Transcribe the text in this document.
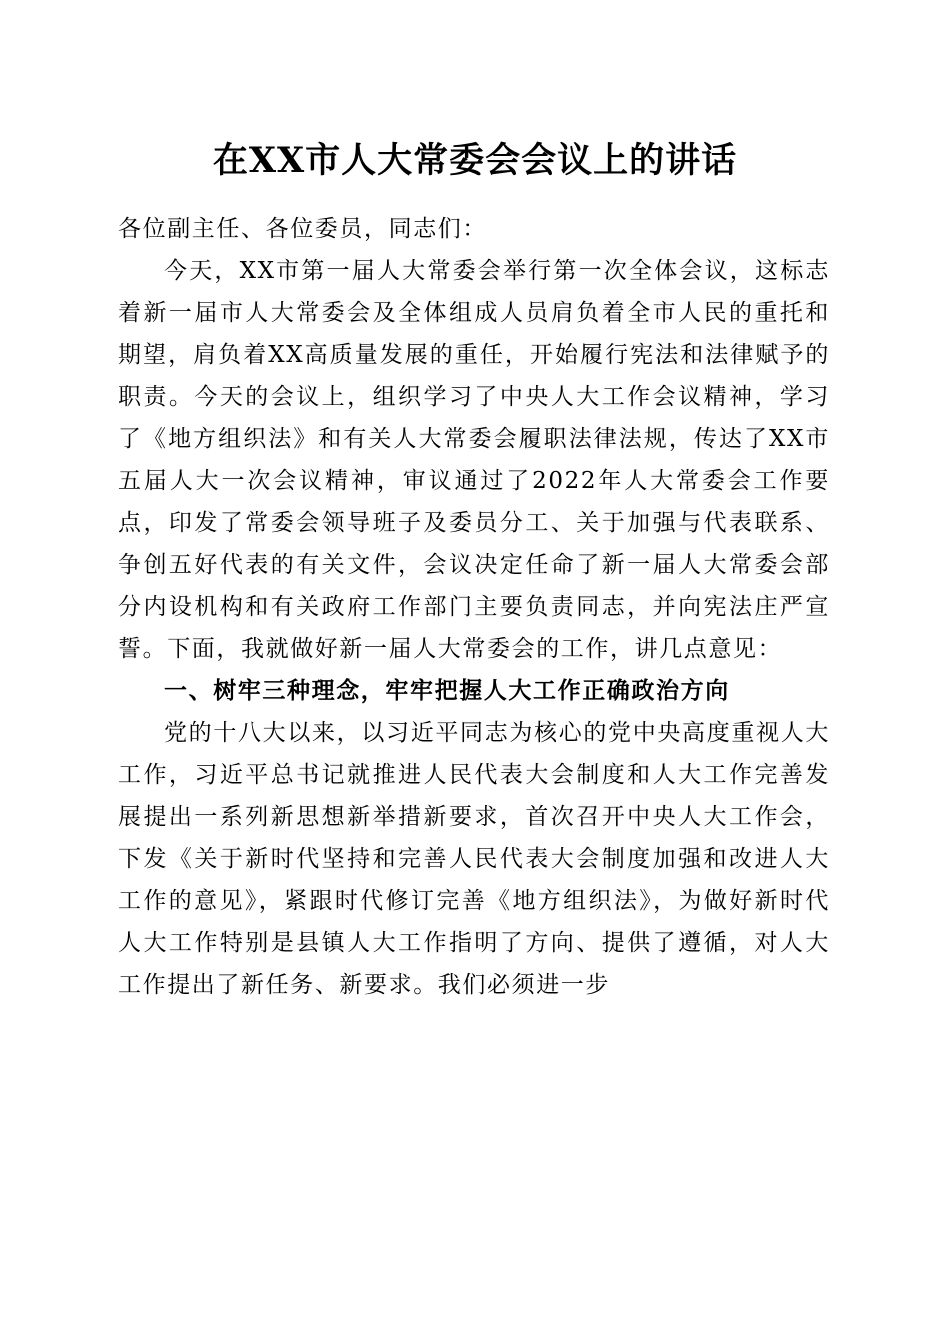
在XX市人大常委会会议上的讲话

各位副主任、各位委员，同志们：

今天，XX市第一届人大常委会举行第一次全体会议，这标志着新一届市人大常委会及全体组成人员肩负着全市人民的重托和期望，肩负着XX高质量发展的重任，开始履行宪法和法律赋予的职责。今天的会议上，组织学习了中央人大工作会议精神，学习了《地方组织法》和有关人大常委会履职法律法规，传达了XX市五届人大一次会议精神，审议通过了2022年人大常委会工作要点，印发了常委会领导班子及委员分工、关于加强与代表联系、争创五好代表的有关文件，会议决定任命了新一届人大常委会部分内设机构和有关政府工作部门主要负责同志，并向宪法庄严宣誓。下面，我就做好新一届人大常委会的工作，讲几点意见：

一、树牢三种理念，牢牢把握人大工作正确政治方向

党的十八大以来，以习近平同志为核心的党中央高度重视人大工作，习近平总书记就推进人民代表大会制度和人大工作完善发展提出一系列新思想新举措新要求，首次召开中央人大工作会，下发《关于新时代坚持和完善人民代表大会制度加强和改进人大工作的意见》，紧跟时代修订完善《地方组织法》，为做好新时代人大工作特别是县镇人大工作指明了方向、提供了遵循，对人大工作提出了新任务、新要求。我们必须进一步
